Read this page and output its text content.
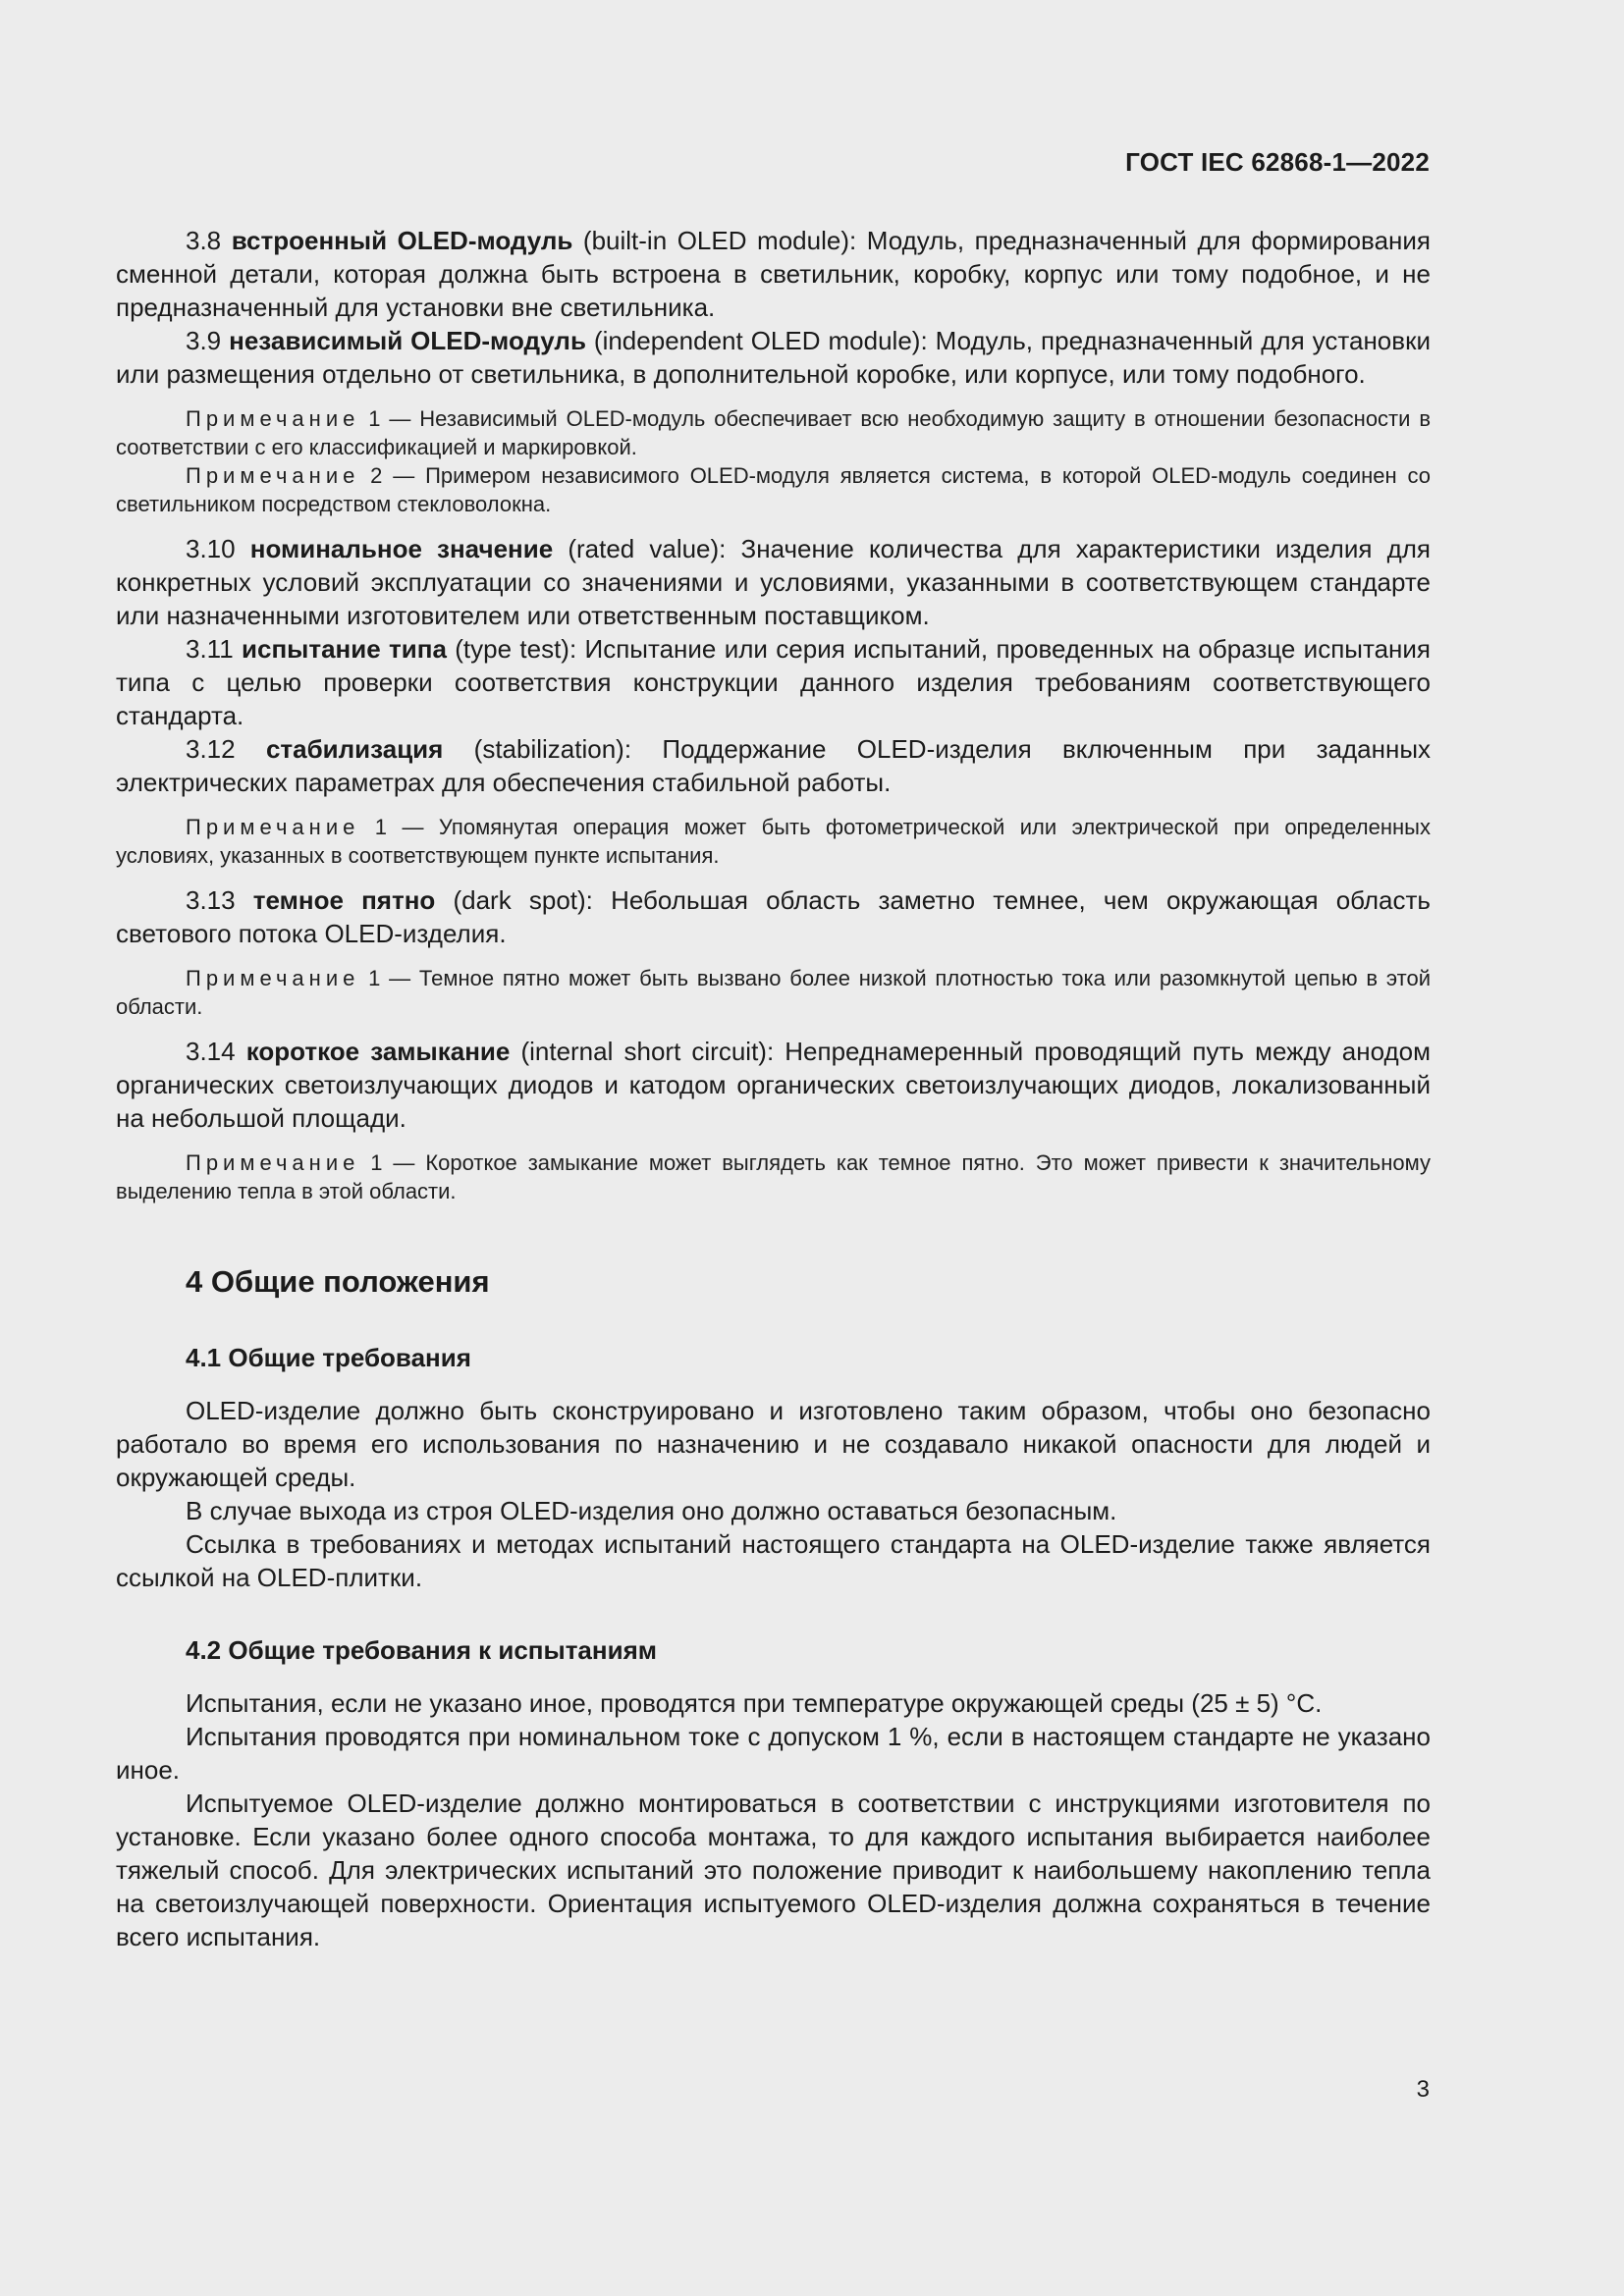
ГОСТ IEC 62868-1—2022

3.8 встроенный OLED-модуль (built-in OLED module): Модуль, предназначенный для формирования сменной детали, которая должна быть встроена в светильник, коробку, корпус или тому подобное, и не предназначенный для установки вне светильника.

3.9 независимый OLED-модуль (independent OLED module): Модуль, предназначенный для установки или размещения отдельно от светильника, в дополнительной коробке, или корпусе, или тому подобного.

Примечание 1 — Независимый OLED-модуль обеспечивает всю необходимую защиту в отношении безопасности в соответствии с его классификацией и маркировкой.

Примечание 2 — Примером независимого OLED-модуля является система, в которой OLED-модуль соединен со светильником посредством стекловолокна.

3.10 номинальное значение (rated value): Значение количества для характеристики изделия для конкретных условий эксплуатации со значениями и условиями, указанными в соответствующем стандарте или назначенными изготовителем или ответственным поставщиком.

3.11 испытание типа (type test): Испытание или серия испытаний, проведенных на образце испытания типа с целью проверки соответствия конструкции данного изделия требованиям соответствующего стандарта.

3.12 стабилизация (stabilization): Поддержание OLED-изделия включенным при заданных электрических параметрах для обеспечения стабильной работы.

Примечание 1 — Упомянутая операция может быть фотометрической или электрической при определенных условиях, указанных в соответствующем пункте испытания.

3.13 темное пятно (dark spot): Небольшая область заметно темнее, чем окружающая область светового потока OLED-изделия.

Примечание 1 — Темное пятно может быть вызвано более низкой плотностью тока или разомкнутой цепью в этой области.

3.14 короткое замыкание (internal short circuit): Непреднамеренный проводящий путь между анодом органических светоизлучающих диодов и катодом органических светоизлучающих диодов, локализованный на небольшой площади.

Примечание 1 — Короткое замыкание может выглядеть как темное пятно. Это может привести к значительному выделению тепла в этой области.

4 Общие положения
4.1 Общие требования

OLED-изделие должно быть сконструировано и изготовлено таким образом, чтобы оно безопасно работало во время его использования по назначению и не создавало никакой опасности для людей и окружающей среды.

В случае выхода из строя OLED-изделия оно должно оставаться безопасным.

Ссылка в требованиях и методах испытаний настоящего стандарта на OLED-изделие также является ссылкой на OLED-плитки.

4.2 Общие требования к испытаниям

Испытания, если не указано иное, проводятся при температуре окружающей среды (25 ± 5) °С.

Испытания проводятся при номинальном токе с допуском 1 %, если в настоящем стандарте не указано иное.

Испытуемое OLED-изделие должно монтироваться в соответствии с инструкциями изготовителя по установке. Если указано более одного способа монтажа, то для каждого испытания выбирается наиболее тяжелый способ. Для электрических испытаний это положение приводит к наибольшему накоплению тепла на светоизлучающей поверхности. Ориентация испытуемого OLED-изделия должна сохраняться в течение всего испытания.

3
